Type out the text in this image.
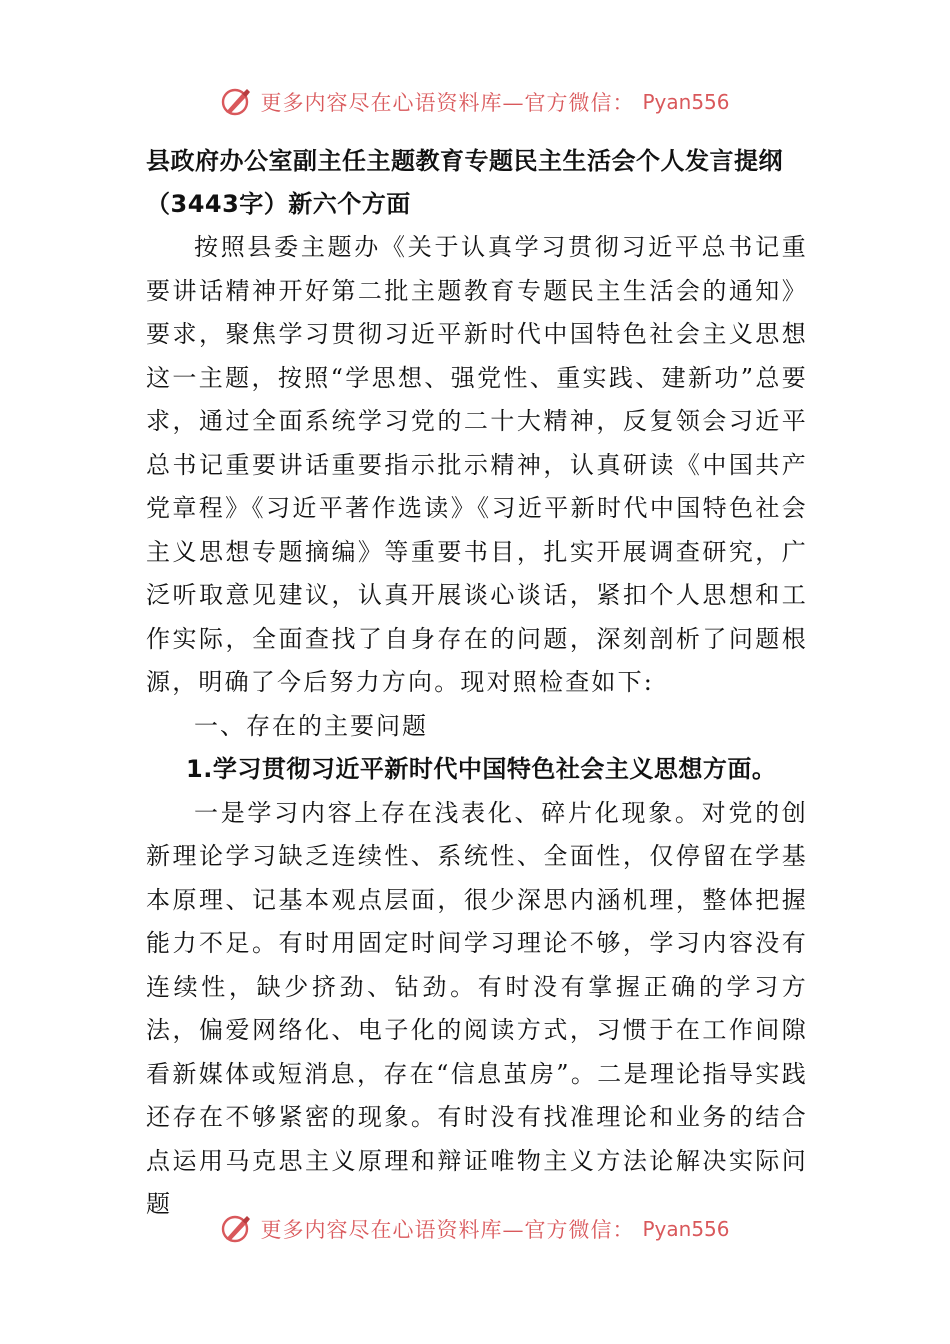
更多内容尽在心语资料库—官方微信： Pyan556

县政府办公室副主任主题教育专题民主生活会个人发言提纲（3443字）新六个方面

按照县委主题办《关于认真学习贯彻习近平总书记重要讲话精神开好第二批主题教育专题民主生活会的通知》要求，聚焦学习贯彻习近平新时代中国特色社会主义思想这一主题，按照“学思想、强党性、重实践、建新功”总要求，通过全面系统学习党的二十大精神，反复领会习近平总书记重要讲话重要指示批示精神，认真研读《中国共产党章程》《习近平著作选读》《习近平新时代中国特色社会主义思想专题摘编》等重要书目，扎实开展调查研究，广泛听取意见建议，认真开展谈心谈话，紧扣个人思想和工作实际，全面查找了自身存在的问题，深刻剖析了问题根源，明确了今后努力方向。现对照检查如下:

一、存在的主要问题

1.学习贯彻习近平新时代中国特色社会主义思想方面。

一是学习内容上存在浅表化、碎片化现象。对党的创新理论学习缺乏连续性、系统性、全面性，仅停留在学基本原理、记基本观点层面，很少深思内涵机理，整体把握能力不足。有时用固定时间学习理论不够，学习内容没有连续性，缺少挤劲、钻劲。有时没有掌握正确的学习方法，偏爱网络化、电子化的阅读方式，习惯于在工作间隙看新媒体或短消息，存在“信息茧房”。二是理论指导实践还存在不够紧密的现象。有时没有找准理论和业务的结合点运用马克思主义原理和辩证唯物主义方法论解决实际问题

更多内容尽在心语资料库—官方微信： Pyan556
